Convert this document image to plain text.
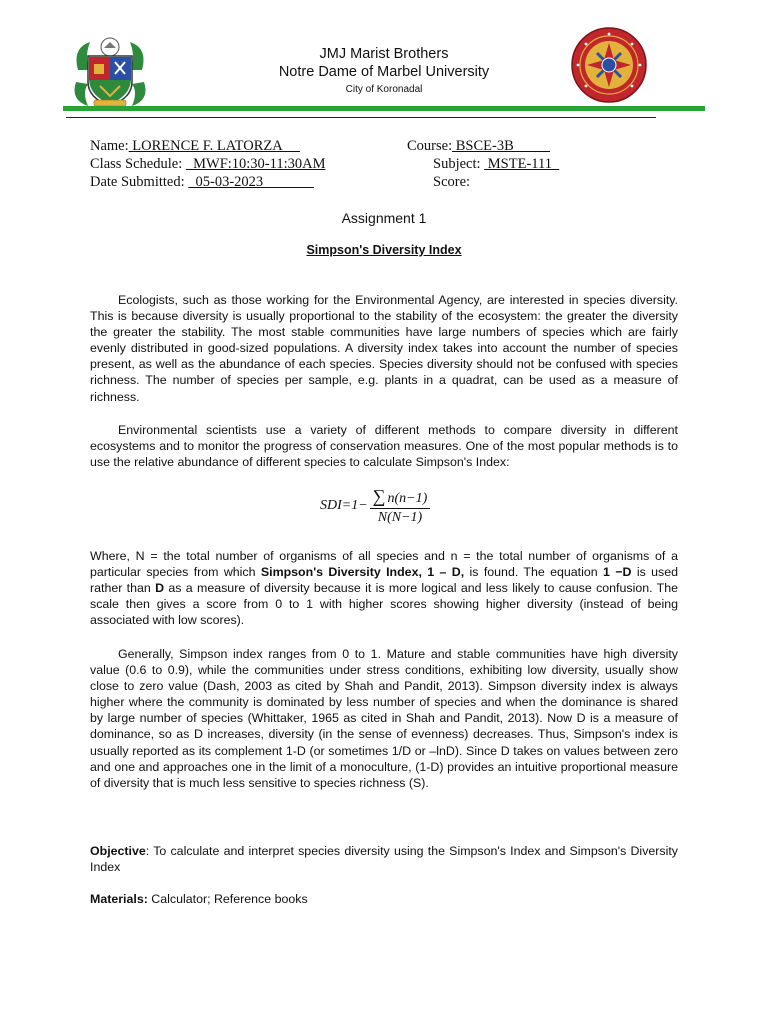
JMJ Marist Brothers
Notre Dame of Marbel University
City of Koronadal
Name: LORENCE F. LATORZA	Course: BSCE-3B
Class Schedule:   MWF:10:30-11:30AM	Subject:  MSTE-111
Date Submitted:   05-03-2023	Score:
Assignment 1
Simpson's Diversity Index

Ecologists, such as those working for the Environmental Agency, are interested in species diversity. This is because diversity is usually proportional to the stability of the ecosystem: the greater the diversity the greater the stability. The most stable communities have large numbers of species which are fairly evenly distributed in good-sized populations. A diversity index takes into account the number of species present, as well as the abundance of each species. Species diversity should not be confused with species richness. The number of species per sample, e.g. plants in a quadrat, can be used as a measure of richness.

Environmental scientists use a variety of different methods to compare diversity in different ecosystems and to monitor the progress of conservation measures. One of the most popular methods is to use the relative abundance of different species to calculate Simpson's Index:

$SDI=1- \frac{\sum n(n-1)}{N(N-1)}$

Where, N = the total number of organisms of all species and n = the total number of organisms of a particular species from which Simpson's Diversity Index, 1 – D, is found. The equation 1 −D is used rather than D as a measure of diversity because it is more logical and less likely to cause confusion. The scale then gives a score from 0 to 1 with higher scores showing higher diversity (instead of being associated with low scores).

Generally, Simpson index ranges from 0 to 1. Mature and stable communities have high diversity value (0.6 to 0.9), while the communities under stress conditions, exhibiting low diversity, usually show close to zero value (Dash, 2003 as cited by Shah and Pandit, 2013). Simpson diversity index is always higher where the community is dominated by less number of species and when the dominance is shared by large number of species (Whittaker, 1965 as cited in Shah and Pandit, 2013). Now D is a measure of dominance, so as D increases, diversity (in the sense of evenness) decreases. Thus, Simpson's index is usually reported as its complement 1-D (or sometimes 1/D or –lnD). Since D takes on values between zero and one and approaches one in the limit of a monoculture, (1-D) provides an intuitive proportional measure of diversity that is much less sensitive to species richness (S).

Objective: To calculate and interpret species diversity using the Simpson's Index and Simpson's Diversity Index

Materials: Calculator; Reference books
